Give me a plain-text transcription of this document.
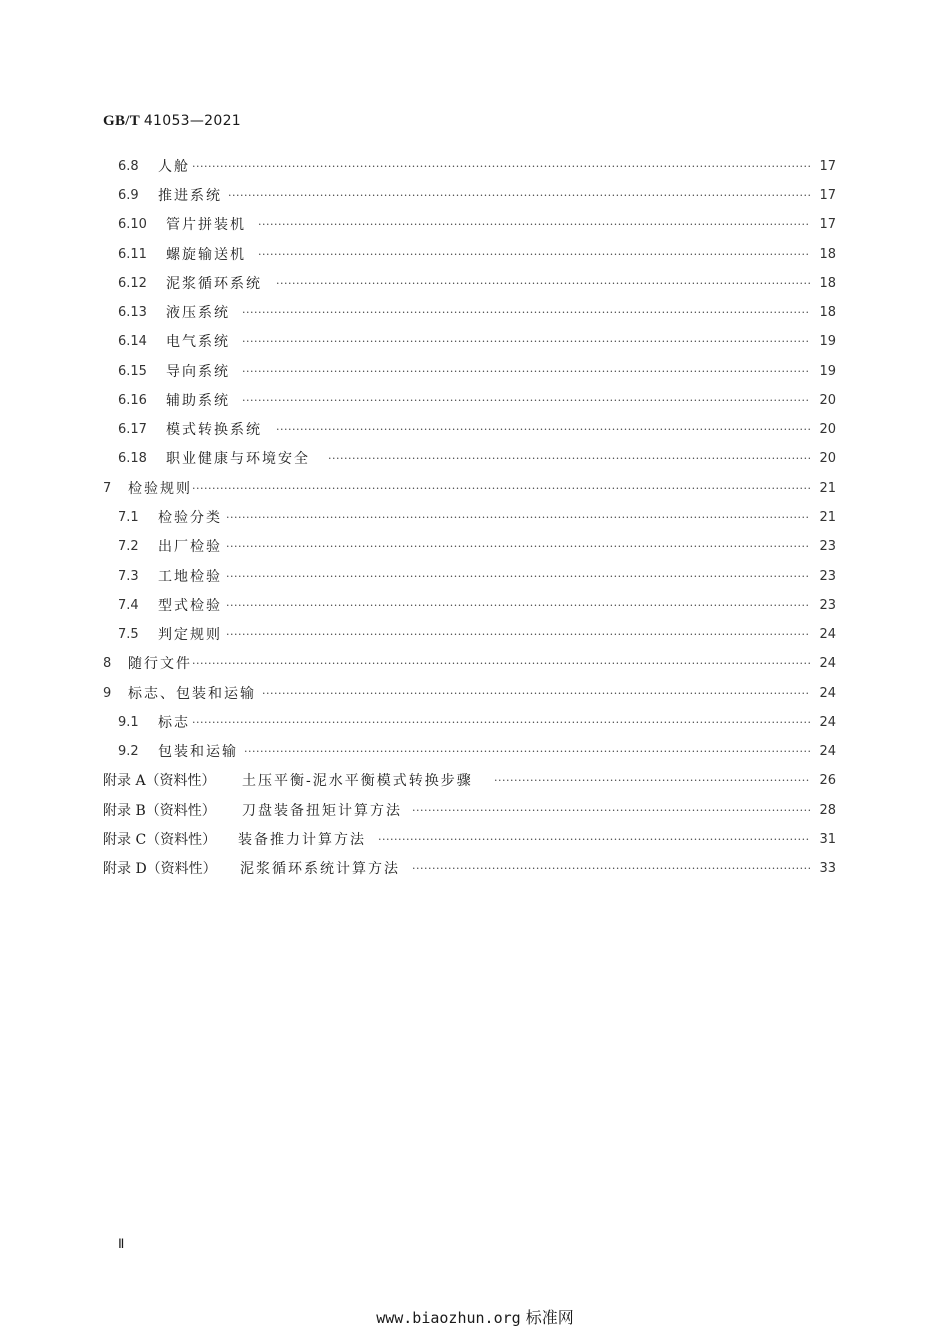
GB/T 41053—2021
6.8 人舱 ·····	17
6.9 推进系统 ·····	17
6.10 管片拼装机 ·····	17
6.11 螺旋输送机 ·····	18
6.12 泥浆循环系统 ·····	18
6.13 液压系统 ·····	18
6.14 电气系统 ·····	19
6.15 导向系统 ·····	19
6.16 辅助系统 ·····	20
6.17 模式转换系统 ·····	20
6.18 职业健康与环境安全 ·····	20
7 检验规则 ·····	21
7.1 检验分类 ·····	21
7.2 出厂检验 ·····	23
7.3 工地检验 ·····	23
7.4 型式检验 ·····	23
7.5 判定规则 ·····	24
8 随行文件 ·····	24
9 标志、包装和运输 ·····	24
9.1 标志 ·····	24
9.2 包装和运输 ·····	24
附录 A（资料性） 土压平衡-泥水平衡模式转换步骤 ·····	26
附录 B（资料性） 刀盘装备扭矩计算方法 ·····	28
附录 C（资料性） 装备推力计算方法 ·····	31
附录 D（资料性） 泥浆循环系统计算方法 ·····	33
Ⅱ
www.biaozhun.org 标准网
